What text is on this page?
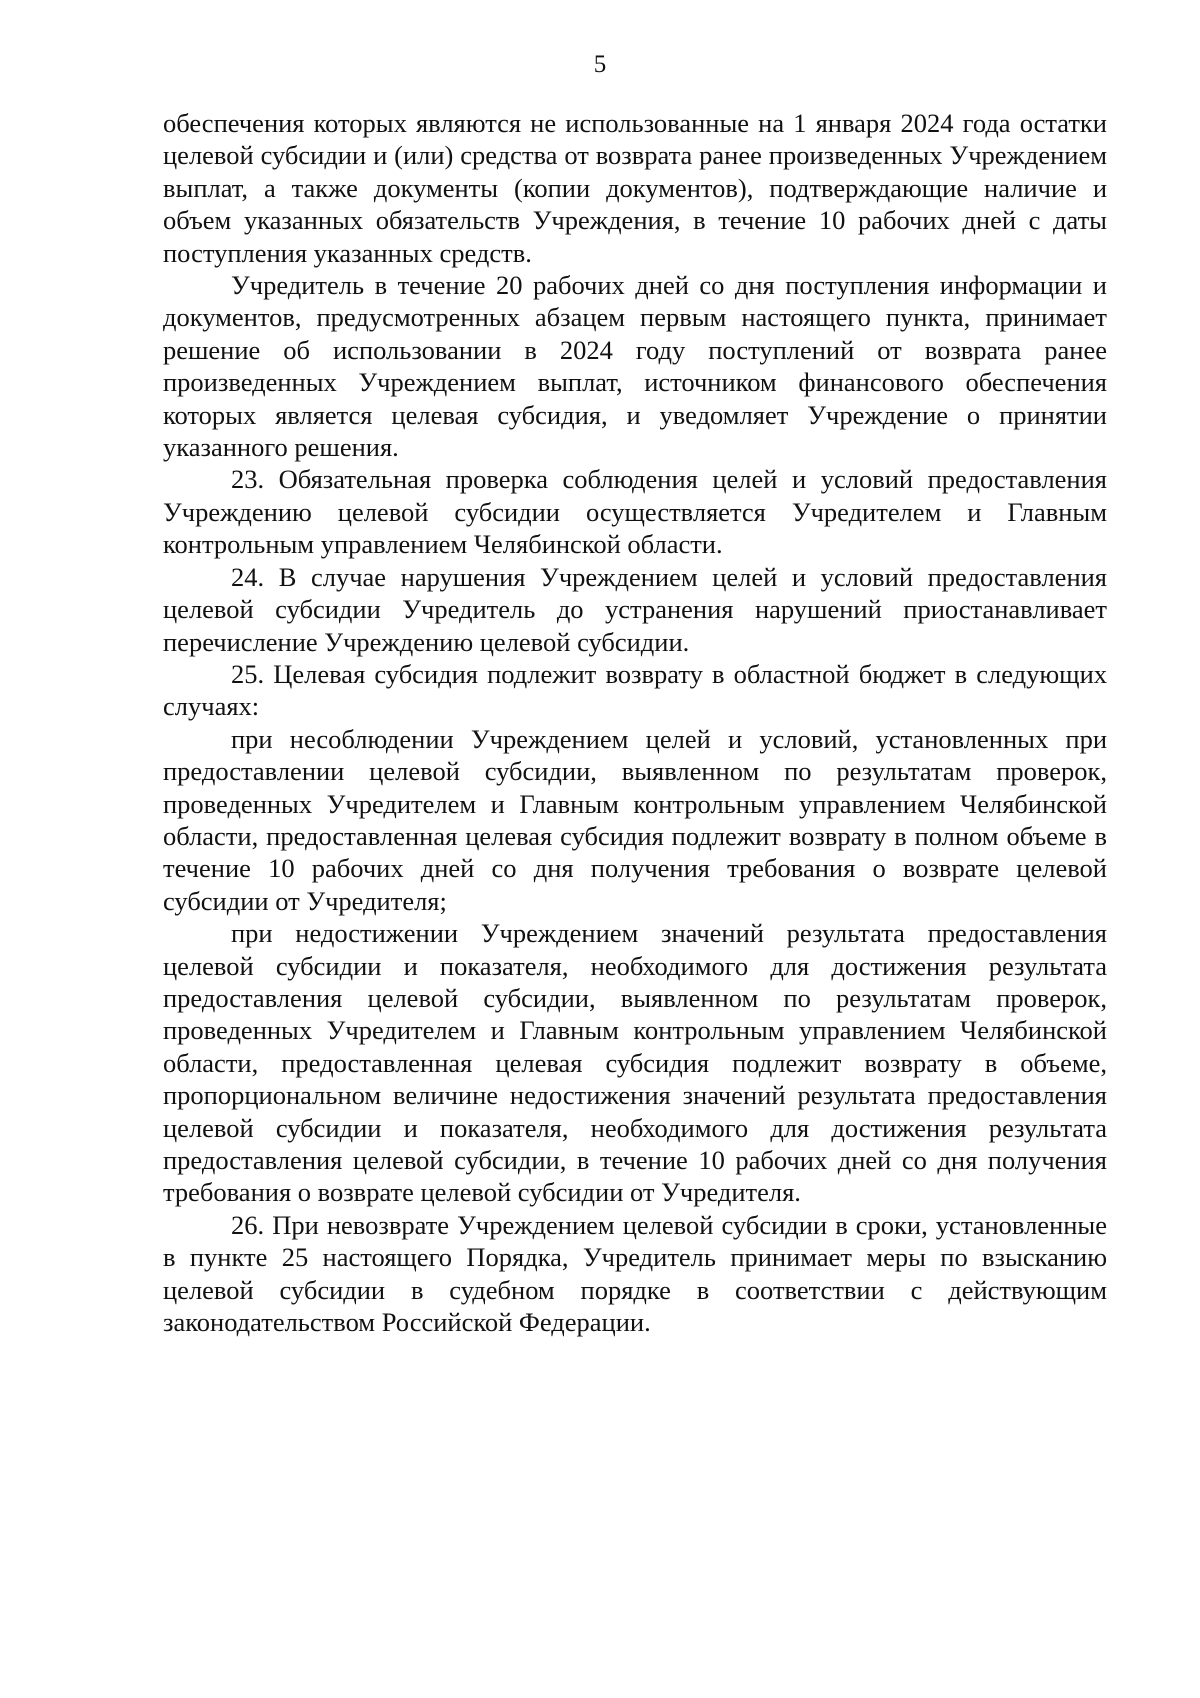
5

обеспечения которых являются не использованные на 1 января 2024 года остатки целевой субсидии и (или) средства от возврата ранее произведенных Учреждением выплат, а также документы (копии документов), подтверждающие наличие и объем указанных обязательств Учреждения, в течение 10 рабочих дней с даты поступления указанных средств.

Учредитель в течение 20 рабочих дней со дня поступления информации и документов, предусмотренных абзацем первым настоящего пункта, принимает решение об использовании в 2024 году поступлений от возврата ранее произведенных Учреждением выплат, источником финансового обеспечения которых является целевая субсидия, и уведомляет Учреждение о принятии указанного решения.

23. Обязательная проверка соблюдения целей и условий предоставления Учреждению целевой субсидии осуществляется Учредителем и Главным контрольным управлением Челябинской области.

24. В случае нарушения Учреждением целей и условий предоставления целевой субсидии Учредитель до устранения нарушений приостанавливает перечисление Учреждению целевой субсидии.

25. Целевая субсидия подлежит возврату в областной бюджет в следующих случаях:

при несоблюдении Учреждением целей и условий, установленных при предоставлении целевой субсидии, выявленном по результатам проверок, проведенных Учредителем и Главным контрольным управлением Челябинской области, предоставленная целевая субсидия подлежит возврату в полном объеме в течение 10 рабочих дней со дня получения требования о возврате целевой субсидии от Учредителя;

при недостижении Учреждением значений результата предоставления целевой субсидии и показателя, необходимого для достижения результата предоставления целевой субсидии, выявленном по результатам проверок, проведенных Учредителем и Главным контрольным управлением Челябинской области, предоставленная целевая субсидия подлежит возврату в объеме, пропорциональном величине недостижения значений результата предоставления целевой субсидии и показателя, необходимого для достижения результата предоставления целевой субсидии, в течение 10 рабочих дней со дня получения требования о возврате целевой субсидии от Учредителя.

26. При невозврате Учреждением целевой субсидии в сроки, установленные в пункте 25 настоящего Порядка, Учредитель принимает меры по взысканию целевой субсидии в судебном порядке в соответствии с действующим законодательством Российской Федерации.
